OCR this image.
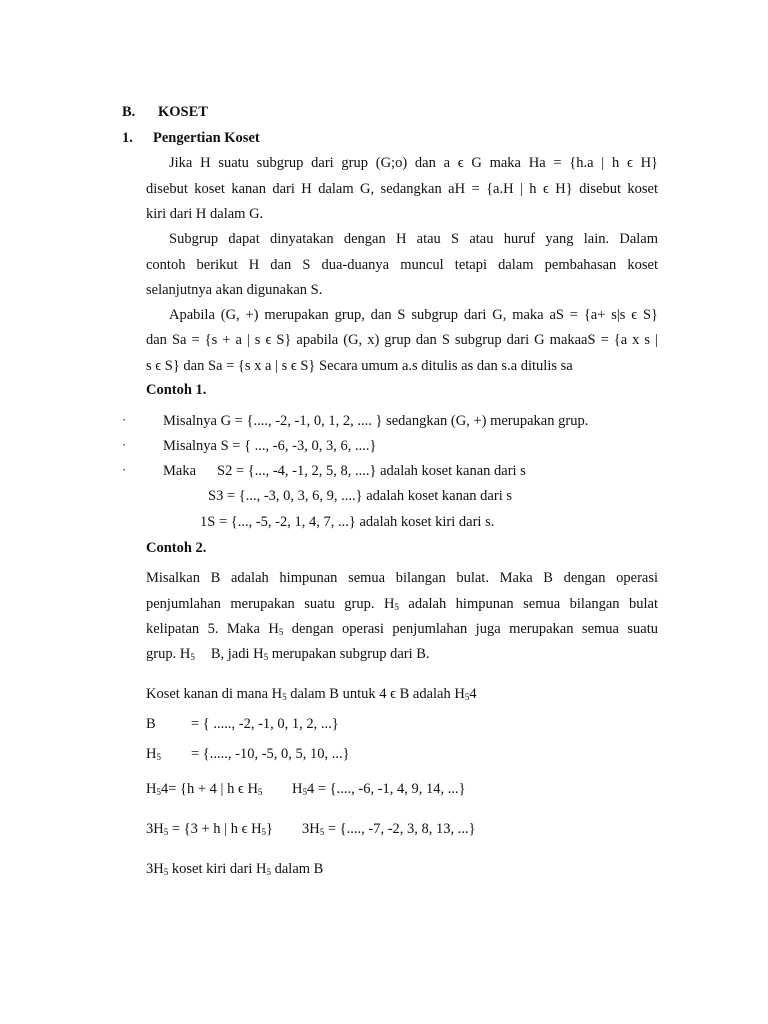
B. KOSET
1. Pengertian Koset
Jika H suatu subgrup dari grup (G;o) dan a ϵ G maka Ha = {h.a | h ϵ H}
disebut koset kanan dari H dalam G, sedangkan aH = {a.H | h ϵ H} disebut koset
kiri dari H dalam G.
Subgrup dapat dinyatakan dengan H atau S atau huruf yang lain. Dalam
contoh berikut H dan S dua-duanya muncul tetapi dalam pembahasan koset
selanjutnya akan digunakan S.
Apabila (G, +) merupakan grup, dan S subgrup dari G, maka aS = {a+ s|s ϵ S}
dan Sa = {s + a | s ϵ S} apabila (G, x) grup dan S subgrup dari G makaaS = {a x s |
s ϵ S} dan Sa = {s x a | s ϵ S} Secara umum a.s ditulis as dan s.a ditulis sa
Contoh 1.
·	Misalnya G = {...., -2, -1, 0, 1, 2, .... } sedangkan (G, +) merupakan grup.
·	Misalnya S = { ..., -6, -3, 0, 3, 6, ....}
·	Maka S2 = {..., -4, -1, 2, 5, 8, ....} adalah koset kanan dari s
S3 = {..., -3, 0, 3, 6, 9, ....} adalah koset kanan dari s
1S = {..., -5, -2, 1, 4, 7, ...} adalah koset kiri dari s.
Contoh 2.
Misalkan B adalah himpunan semua bilangan bulat. Maka B dengan operasi
penjumlahan merupakan suatu grup. $H_5$ adalah himpunan semua bilangan bulat
kelipatan 5. Maka $H_5$ dengan operasi penjumlahan juga merupakan semua suatu
grup. $H_5$ B, jadi $H_5$ merupakan subgrup dari B.
Koset kanan di mana $H_5$ dalam B untuk 4 ϵ B adalah $H_54$
B = { ....., -2, -1, 0, 1, 2, ...}
$H_5$ = {....., -10, -5, 0, 5, 10, ...}
$H_54= \{h + 4$ | h ϵ $H_5$ $H_54$ = {...., -6, -1, 4, 9, 14, ...}
$3H_5 = \{3 + h$ | h ϵ $H_5$} $3H_5$ = {...., -7, -2, 3, 8, 13, ...}
$3H_5$ koset kiri dari $H_5$ dalam B
